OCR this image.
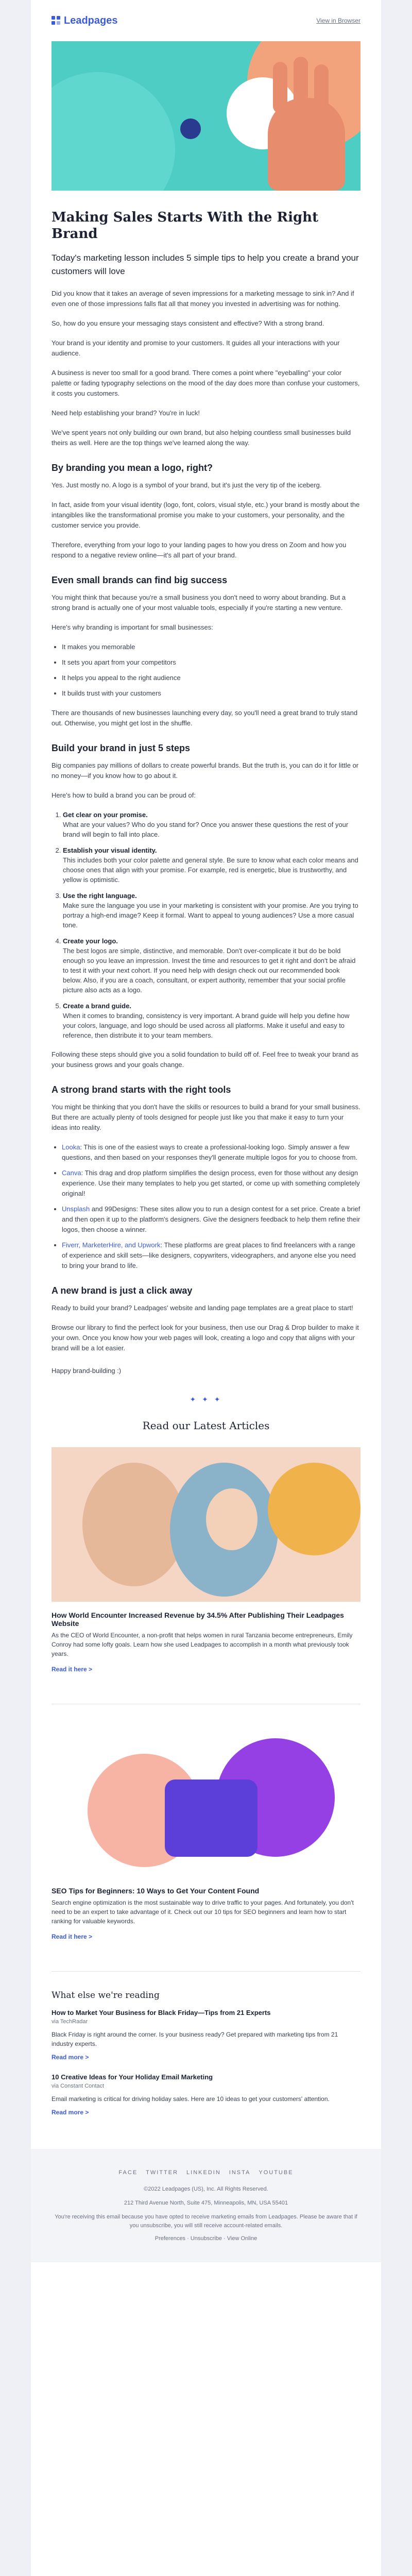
Leadpages	View in Browser
Making Sales Starts With the Right Brand
Today's marketing lesson includes 5 simple tips to help you create a brand your customers will love

Did you know that it takes an average of seven impressions for a marketing message to sink in? And if even one of those impressions falls flat all that money you invested in advertising was for nothing.

So, how do you ensure your messaging stays consistent and effective? With a strong brand.

Your brand is your identity and promise to your customers. It guides all your interactions with your audience.

A business is never too small for a good brand. There comes a point where "eyeballing" your color palette or fading typography selections on the mood of the day does more than confuse your customers, it costs you customers.

Need help establishing your brand? You're in luck!

We've spent years not only building our own brand, but also helping countless small businesses build theirs as well. Here are the top things we've learned along the way.

By branding you mean a logo, right?

Yes. Just mostly no. A logo is a symbol of your brand, but it's just the very tip of the iceberg.

In fact, aside from your visual identity (logo, font, colors, visual style, etc.) your brand is mostly about the intangibles like the transformational promise you make to your customers, your personality, and the customer service you provide.

Therefore, everything from your logo to your landing pages to how you dress on Zoom and how you respond to a negative review online—it's all part of your brand.

Even small brands can find big success

You might think that because you're a small business you don't need to worry about branding. But a strong brand is actually one of your most valuable tools, especially if you're starting a new venture.

Here's why branding is important for small businesses:

• It makes you memorable
• It sets you apart from your competitors
• It helps you appeal to the right audience
• It builds trust with your customers

There are thousands of new businesses launching every day, so you'll need a great brand to truly stand out. Otherwise, you might get lost in the shuffle.

Build your brand in just 5 steps

Big companies pay millions of dollars to create powerful brands. But the truth is, you can do it for little or no money—if you know how to go about it.

Here's how to build a brand you can be proud of:

1. Get clear on your promise.
What are your values? Who do you stand for? Once you answer these questions the rest of your brand will begin to fall into place.
2. Establish your visual identity.
This includes both your color palette and general style. Be sure to know what each color means and choose ones that align with your promise. For example, red is energetic, blue is trustworthy, and yellow is optimistic.
3. Use the right language.
Make sure the language you use in your marketing is consistent with your promise. Are you trying to portray a high-end image? Keep it formal. Want to appeal to young audiences? Use a more casual tone.
4. Create your logo.
The best logos are simple, distinctive, and memorable. Don't over-complicate it but do be bold enough so you leave an impression. Invest the time and resources to get it right and don't be afraid to test it with your next cohort. If you need help with design check out our recommended book below. Also, if you are a coach, consultant, or expert authority, remember that your social profile picture also acts as a logo.
5. Create a brand guide.
When it comes to branding, consistency is very important. A brand guide will help you define how your colors, language, and logo should be used across all platforms. Make it useful and easy to reference, then distribute it to your team members.

Following these steps should give you a solid foundation to build off of. Feel free to tweak your brand as your business grows and your goals change.

A strong brand starts with the right tools

You might be thinking that you don't have the skills or resources to build a brand for your small business. But there are actually plenty of tools designed for people just like you that make it easy to turn your ideas into reality.

• Looka: This is one of the easiest ways to create a professional-looking logo. Simply answer a few questions, and then based on your responses they'll generate multiple logos for you to choose from.
• Canva: This drag and drop platform simplifies the design process, even for those without any design experience. Use their many templates to help you get started, or come up with something completely original!
• Unsplash and 99Designs: These sites allow you to run a design contest for a set price. Create a brief and then open it up to the platform's designers. Give the designers feedback to help them refine their logos, then choose a winner.
• Fiverr, MarketerHire, and Upwork: These platforms are great places to find freelancers with a range of experience and skill sets—like designers, copywriters, videographers, and anyone else you need to bring your brand to life.
A new brand is just a click away

Ready to build your brand? Leadpages' website and landing page templates are a great place to start!

Browse our library to find the perfect look for your business, then use our Drag & Drop builder to make it your own. Once you know how your web pages will look, creating a logo and copy that aligns with your brand will be a lot easier.

Happy brand-building :)
✦ ✦ ✦
Read our Latest Articles
How World Encounter Increased Revenue by 34.5% After Publishing Their Leadpages Website
As the CEO of World Encounter, a non-profit that helps women in rural Tanzania become entrepreneurs, Emily Conroy had some lofty goals. Learn how she used Leadpages to accomplish in a month what previously took years.
Read it here >
SEO Tips for Beginners: 10 Ways to Get Your Content Found
Search engine optimization is the most sustainable way to drive traffic to your pages. And fortunately, you don't need to be an expert to take advantage of it. Check out our 10 tips for SEO beginners and learn how to start ranking for valuable keywords.
Read it here >
What else we're reading
How to Market Your Business for Black Friday—Tips from 21 Experts
via TechRadar
Black Friday is right around the corner. Is your business ready? Get prepared with marketing tips from 21 industry experts.
Read more >
10 Creative Ideas for Your Holiday Email Marketing
via Constant Contact
Email marketing is critical for driving holiday sales. Here are 10 ideas to get your customers' attention.
Read more >
FACE TWITTER LINKEDIN INSTA YOUTUBE
©2022 Leadpages (US), Inc. All Rights Reserved.
212 Third Avenue North, Suite 475, Minneapolis, MN, USA 55401
You're receiving this email because you have opted to receive marketing emails from Leadpages. Please be aware that if you unsubscribe, you will still receive account-related emails.
Preferences · Unsubscribe · View Online
